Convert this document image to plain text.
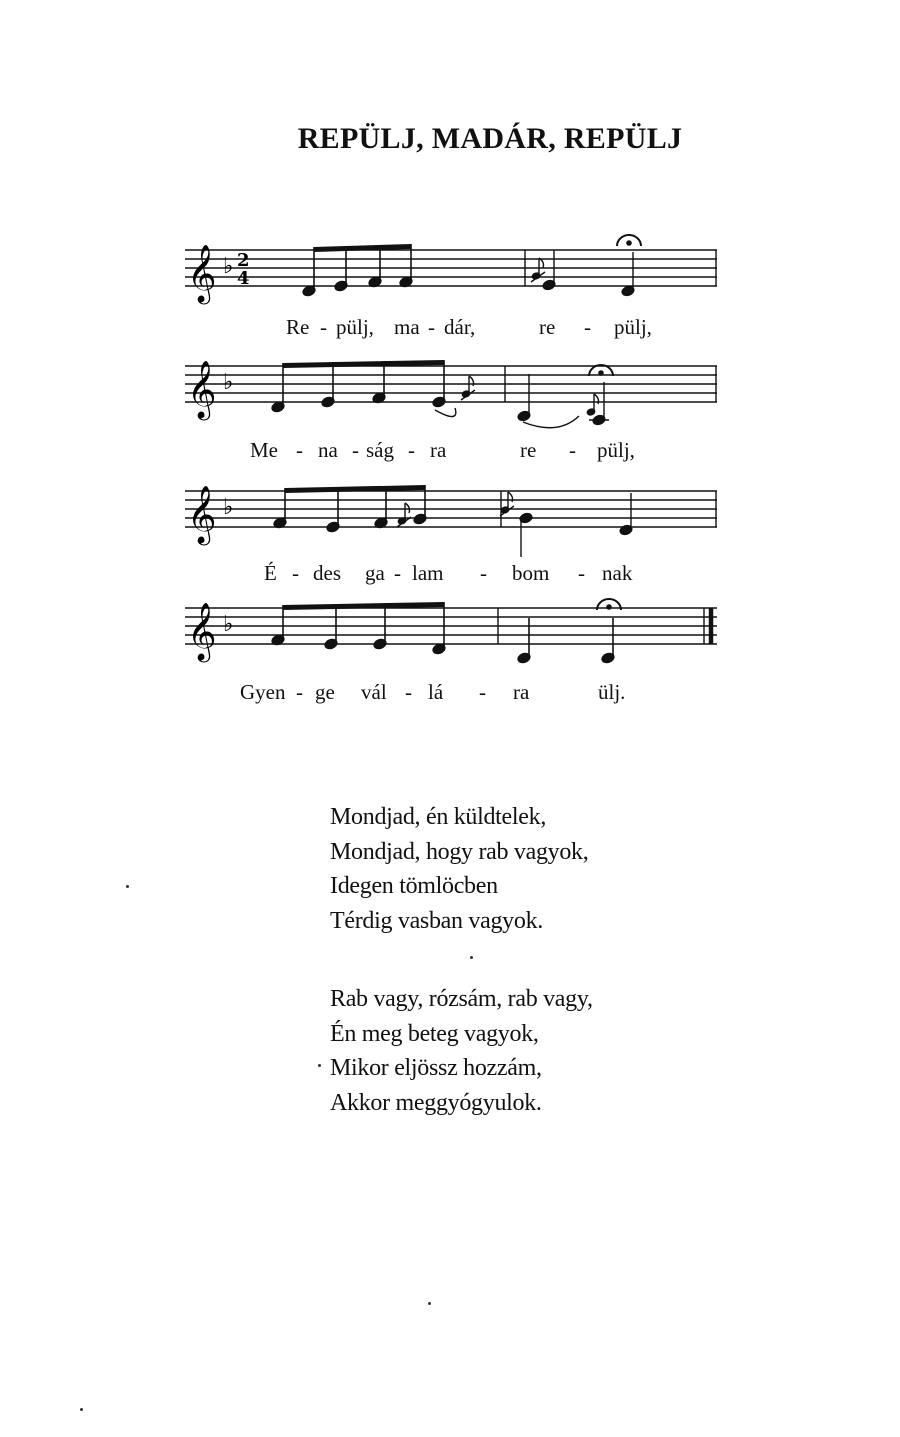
REPÜLJ, MADÁR, REPÜLJ
𝄞 ♭ 2
4
Re - pülj, ma - dár,	re - pülj,
𝄞 ♭
Me - na - ság - ra	re - pülj,
𝄞 ♭
É - des ga - lam - bom - nak
𝄞 ♭
Gyen - ge vál - lá - ra	ülj.
Mondjad, én küldtelek,
Mondjad, hogy rab vagyok,
Idegen tömlöcben
Térdig vasban vagyok.
Rab vagy, rózsám, rab vagy,
Én meg beteg vagyok,
Mikor eljössz hozzám,
Akkor meggyógyulok.
